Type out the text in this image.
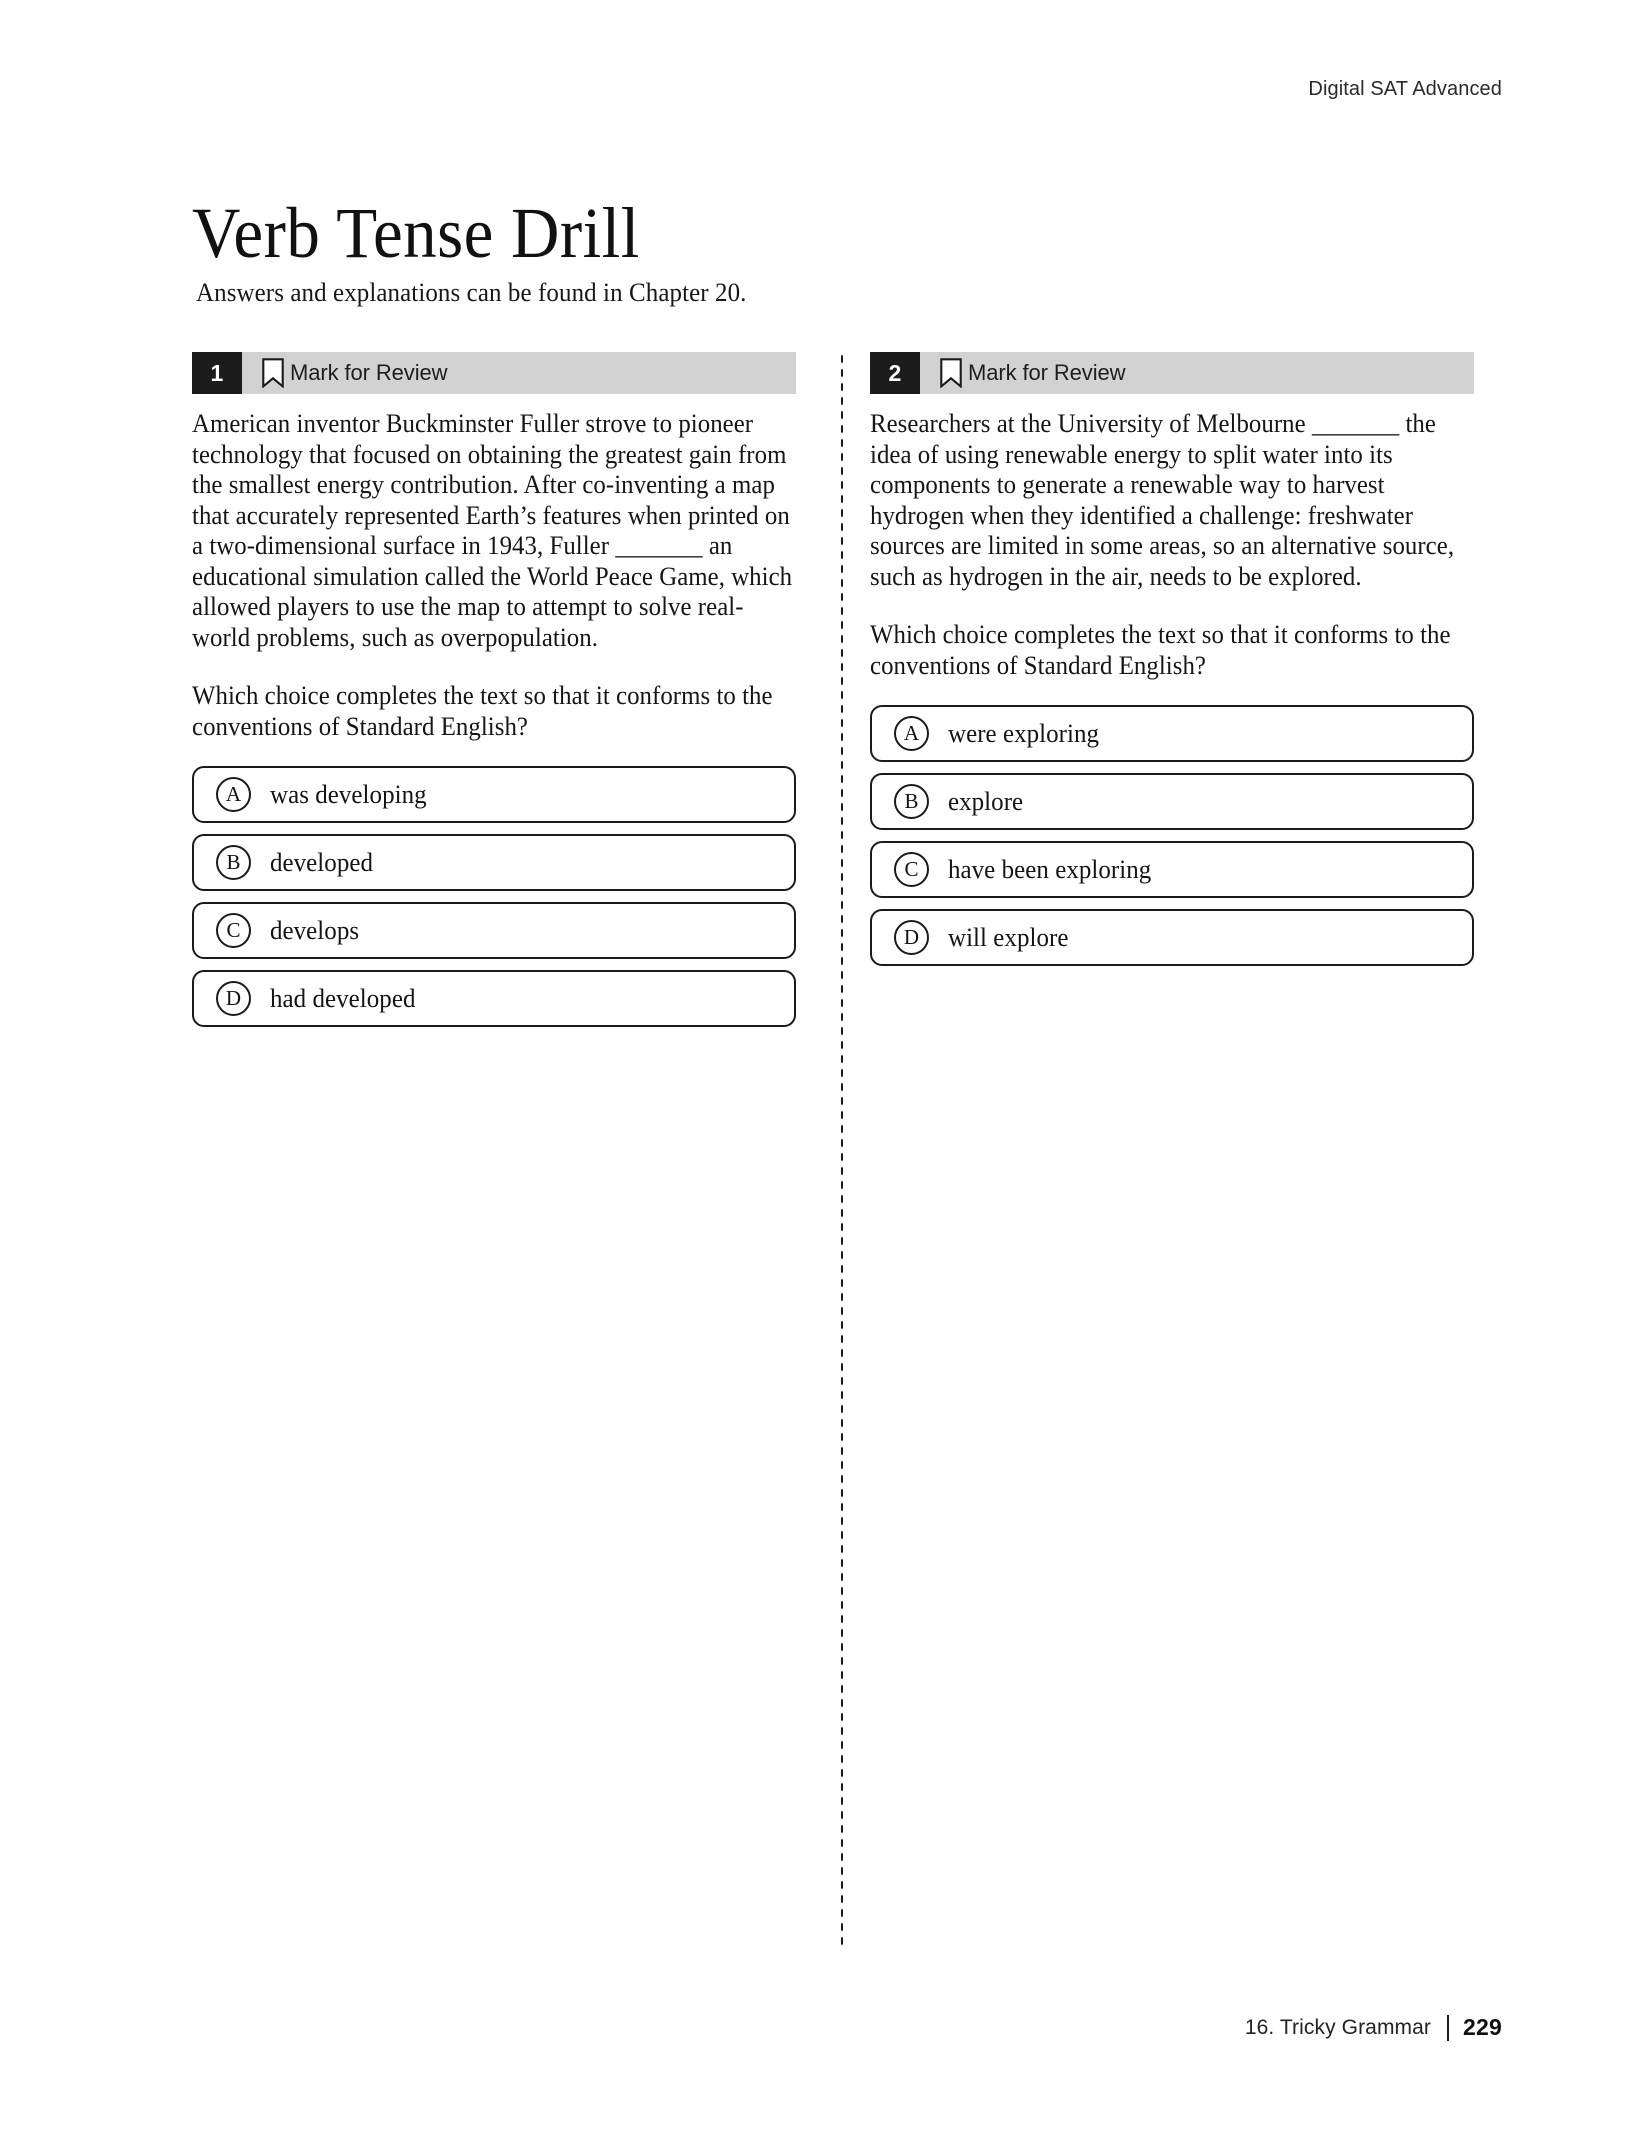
Digital SAT Advanced
Verb Tense Drill
Answers and explanations can be found in Chapter 20.
1	Mark for Review
American inventor Buckminster Fuller strove to pioneer technology that focused on obtaining the greatest gain from the smallest energy contribution. After co-inventing a map that accurately represented Earth’s features when printed on a two-dimensional surface in 1943, Fuller _______ an educational simulation called the World Peace Game, which allowed players to use the map to attempt to solve real-world problems, such as overpopulation.
Which choice completes the text so that it conforms to the conventions of Standard English?
A	was developing
B	developed
C	develops
D	had developed
2	Mark for Review
Researchers at the University of Melbourne _______ the idea of using renewable energy to split water into its components to generate a renewable way to harvest hydrogen when they identified a challenge: freshwater sources are limited in some areas, so an alternative source, such as hydrogen in the air, needs to be explored.
Which choice completes the text so that it conforms to the conventions of Standard English?
A	were exploring
B	explore
C	have been exploring
D	will explore
16. Tricky Grammar 229
